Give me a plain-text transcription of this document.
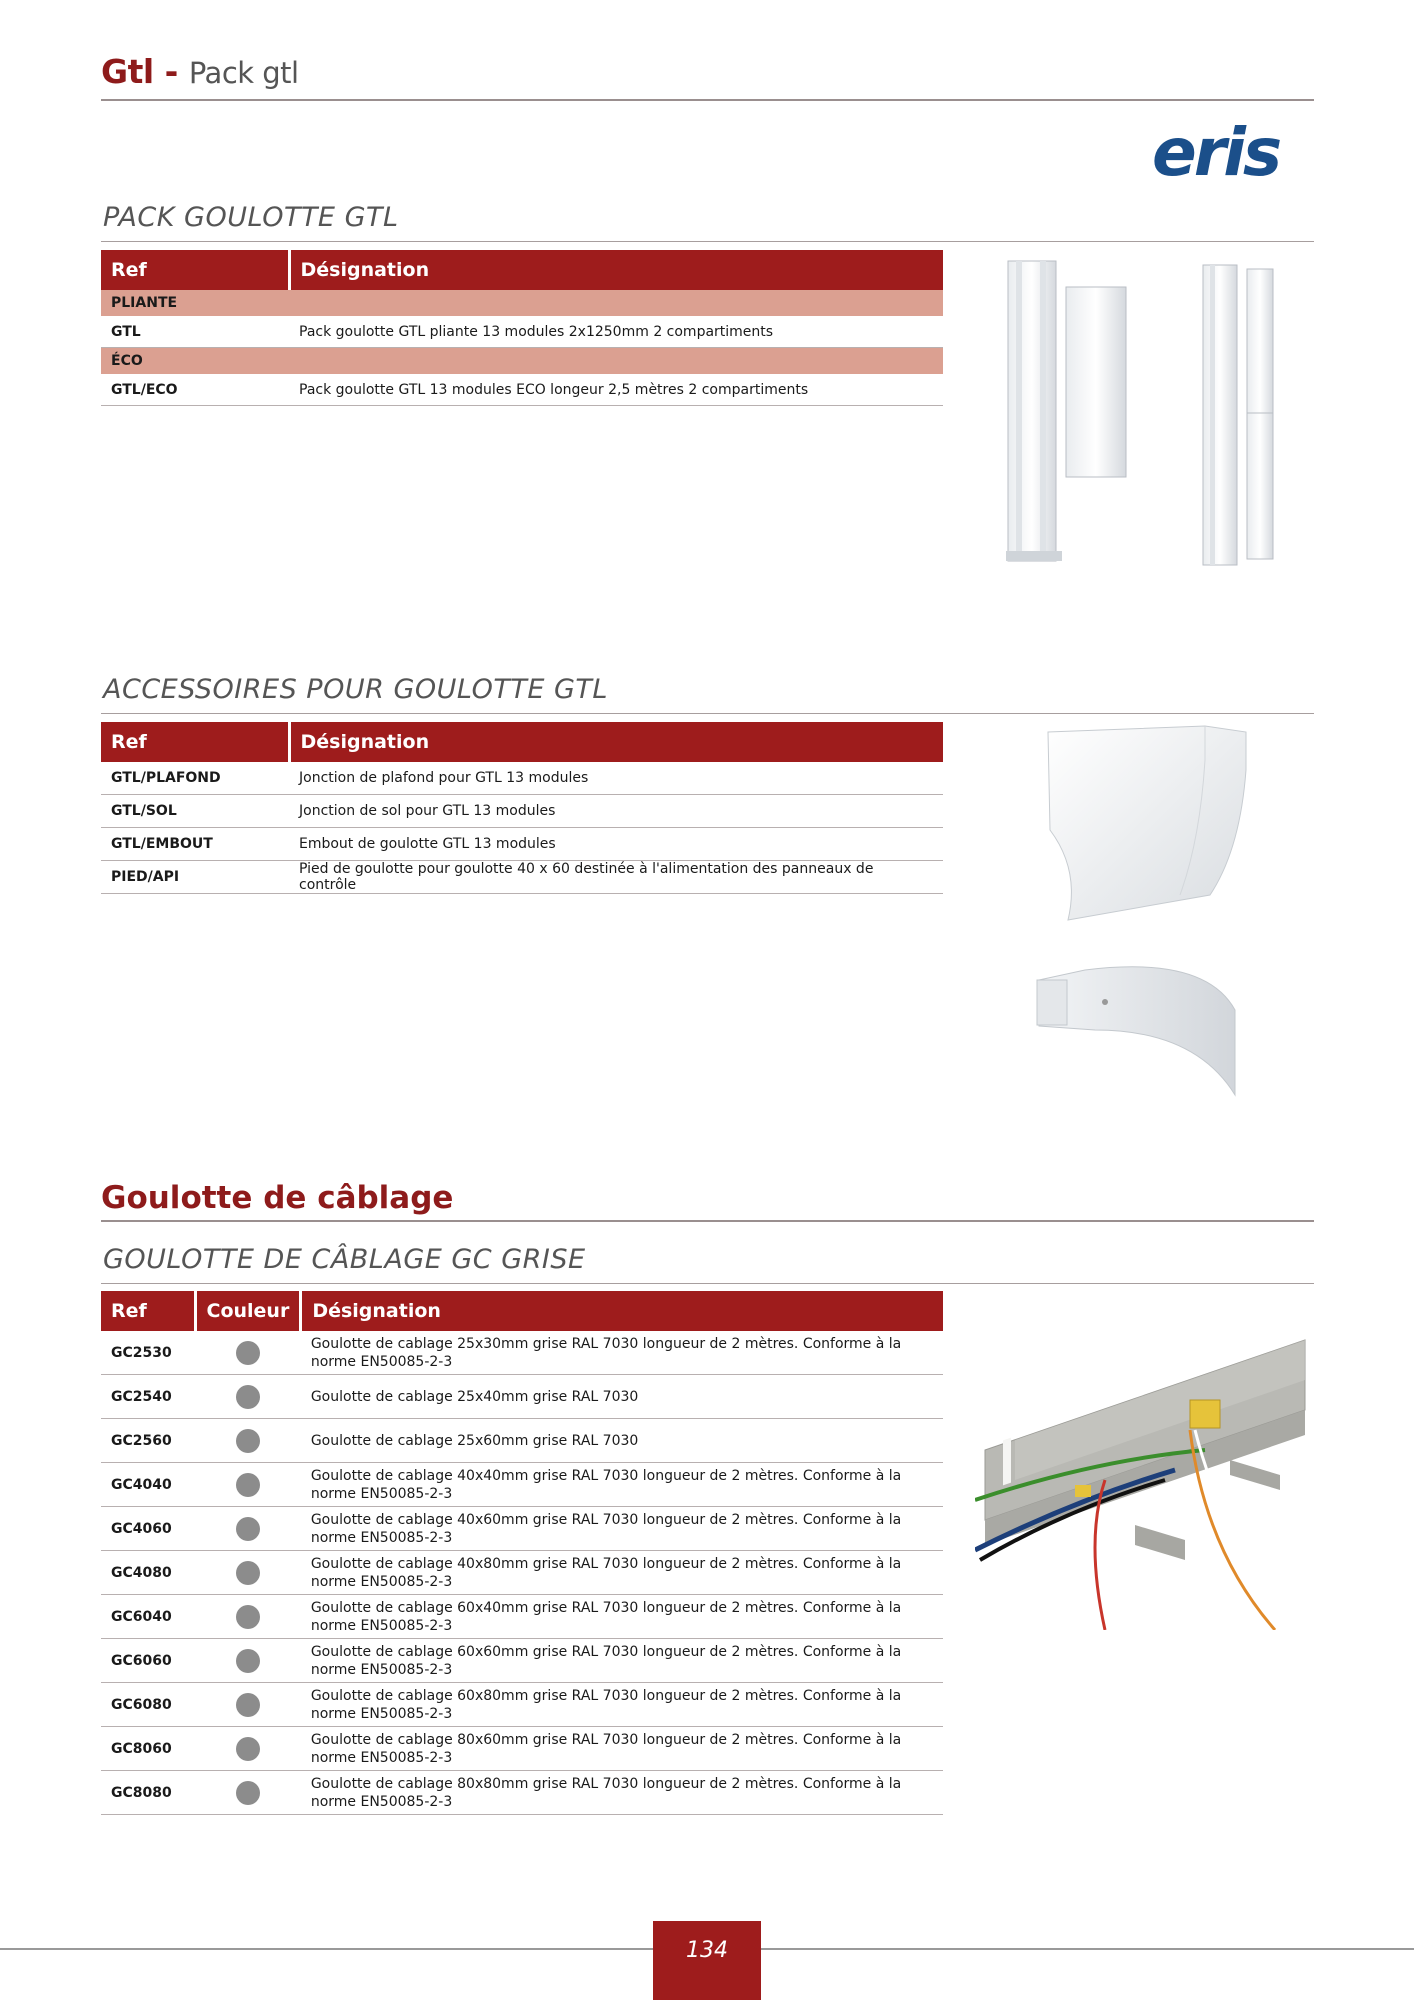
Gtl - Pack gtl
eris
PACK GOULOTTE GTL
Ref	Désignation
PLIANTE	
GTL	Pack goulotte GTL pliante 13 modules 2x1250mm 2 compartiments
ÉCO	
GTL/ECO	Pack goulotte GTL 13 modules ECO longeur 2,5 mètres 2 compartiments
ACCESSOIRES POUR GOULOTTE GTL
Ref	Désignation
GTL/PLAFOND	Jonction de plafond pour GTL 13 modules
GTL/SOL	Jonction de sol pour GTL 13 modules
GTL/EMBOUT	Embout de goulotte GTL 13 modules
PIED/API	Pied de goulotte pour goulotte 40 x 60 destinée à l'alimentation des panneaux de contrôle
Goulotte de câblage
GOULOTTE DE CÂBLAGE GC GRISE
Ref	Couleur	Désignation
GC2530		Goulotte de cablage 25x30mm grise RAL 7030 longueur de 2 mètres. Conforme à la norme EN50085-2-3
GC2540		Goulotte de cablage 25x40mm grise RAL 7030
GC2560		Goulotte de cablage 25x60mm grise RAL 7030
GC4040		Goulotte de cablage 40x40mm grise RAL 7030 longueur de 2 mètres. Conforme à la norme EN50085-2-3
GC4060		Goulotte de cablage 40x60mm grise RAL 7030 longueur de 2 mètres. Conforme à la norme EN50085-2-3
GC4080		Goulotte de cablage 40x80mm grise RAL 7030 longueur de 2 mètres. Conforme à la norme EN50085-2-3
GC6040		Goulotte de cablage 60x40mm grise RAL 7030 longueur de 2 mètres. Conforme à la norme EN50085-2-3
GC6060		Goulotte de cablage 60x60mm grise RAL 7030 longueur de 2 mètres. Conforme à la norme EN50085-2-3
GC6080		Goulotte de cablage 60x80mm grise RAL 7030 longueur de 2 mètres. Conforme à la norme EN50085-2-3
GC8060		Goulotte de cablage 80x60mm grise RAL 7030 longueur de 2 mètres. Conforme à la norme EN50085-2-3
GC8080		Goulotte de cablage 80x80mm grise RAL 7030 longueur de 2 mètres. Conforme à la norme EN50085-2-3
134
